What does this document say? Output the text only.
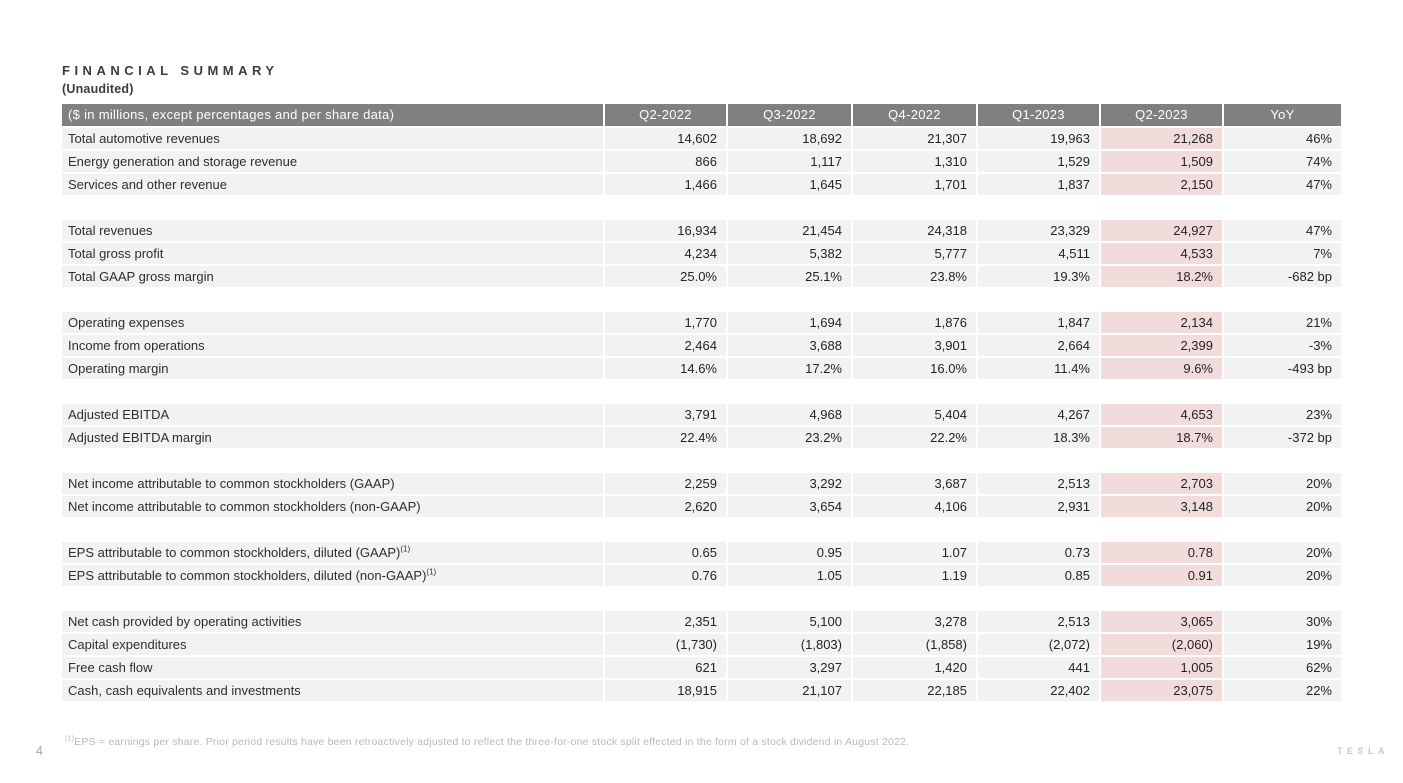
FINANCIAL SUMMARY
(Unaudited)
($ in millions, except percentages and per share data)	Q2-2022	Q3-2022	Q4-2022	Q1-2023	Q2-2023	YoY
Total automotive revenues	14,602	18,692	21,307	19,963	21,268	46%
Energy generation and storage revenue	866	1,117	1,310	1,529	1,509	74%
Services and other revenue	1,466	1,645	1,701	1,837	2,150	47%
Total revenues	16,934	21,454	24,318	23,329	24,927	47%
Total gross profit	4,234	5,382	5,777	4,511	4,533	7%
Total GAAP gross margin	25.0%	25.1%	23.8%	19.3%	18.2%	-682 bp
Operating expenses	1,770	1,694	1,876	1,847	2,134	21%
Income from operations	2,464	3,688	3,901	2,664	2,399	-3%
Operating margin	14.6%	17.2%	16.0%	11.4%	9.6%	-493 bp
Adjusted EBITDA	3,791	4,968	5,404	4,267	4,653	23%
Adjusted EBITDA margin	22.4%	23.2%	22.2%	18.3%	18.7%	-372 bp
Net income attributable to common stockholders (GAAP)	2,259	3,292	3,687	2,513	2,703	20%
Net income attributable to common stockholders (non-GAAP)	2,620	3,654	4,106	2,931	3,148	20%
EPS attributable to common stockholders, diluted (GAAP)$^{(1)}$	0.65	0.95	1.07	0.73	0.78	20%
EPS attributable to common stockholders, diluted (non-GAAP)$^{(1)}$	0.76	1.05	1.19	0.85	0.91	20%
Net cash provided by operating activities	2,351	5,100	3,278	2,513	3,065	30%
Capital expenditures	(1,730)	(1,803)	(1,858)	(2,072)	(2,060)	19%
Free cash flow	621	3,297	1,420	441	1,005	62%
Cash, cash equivalents and investments	18,915	21,107	22,185	22,402	23,075	22%
$^{(1)}$EPS = earnings per share. Prior period results have been retroactively adjusted to reflect the three-for-one stock split effected in the form of a stock dividend in August 2022.
4	TESLA
